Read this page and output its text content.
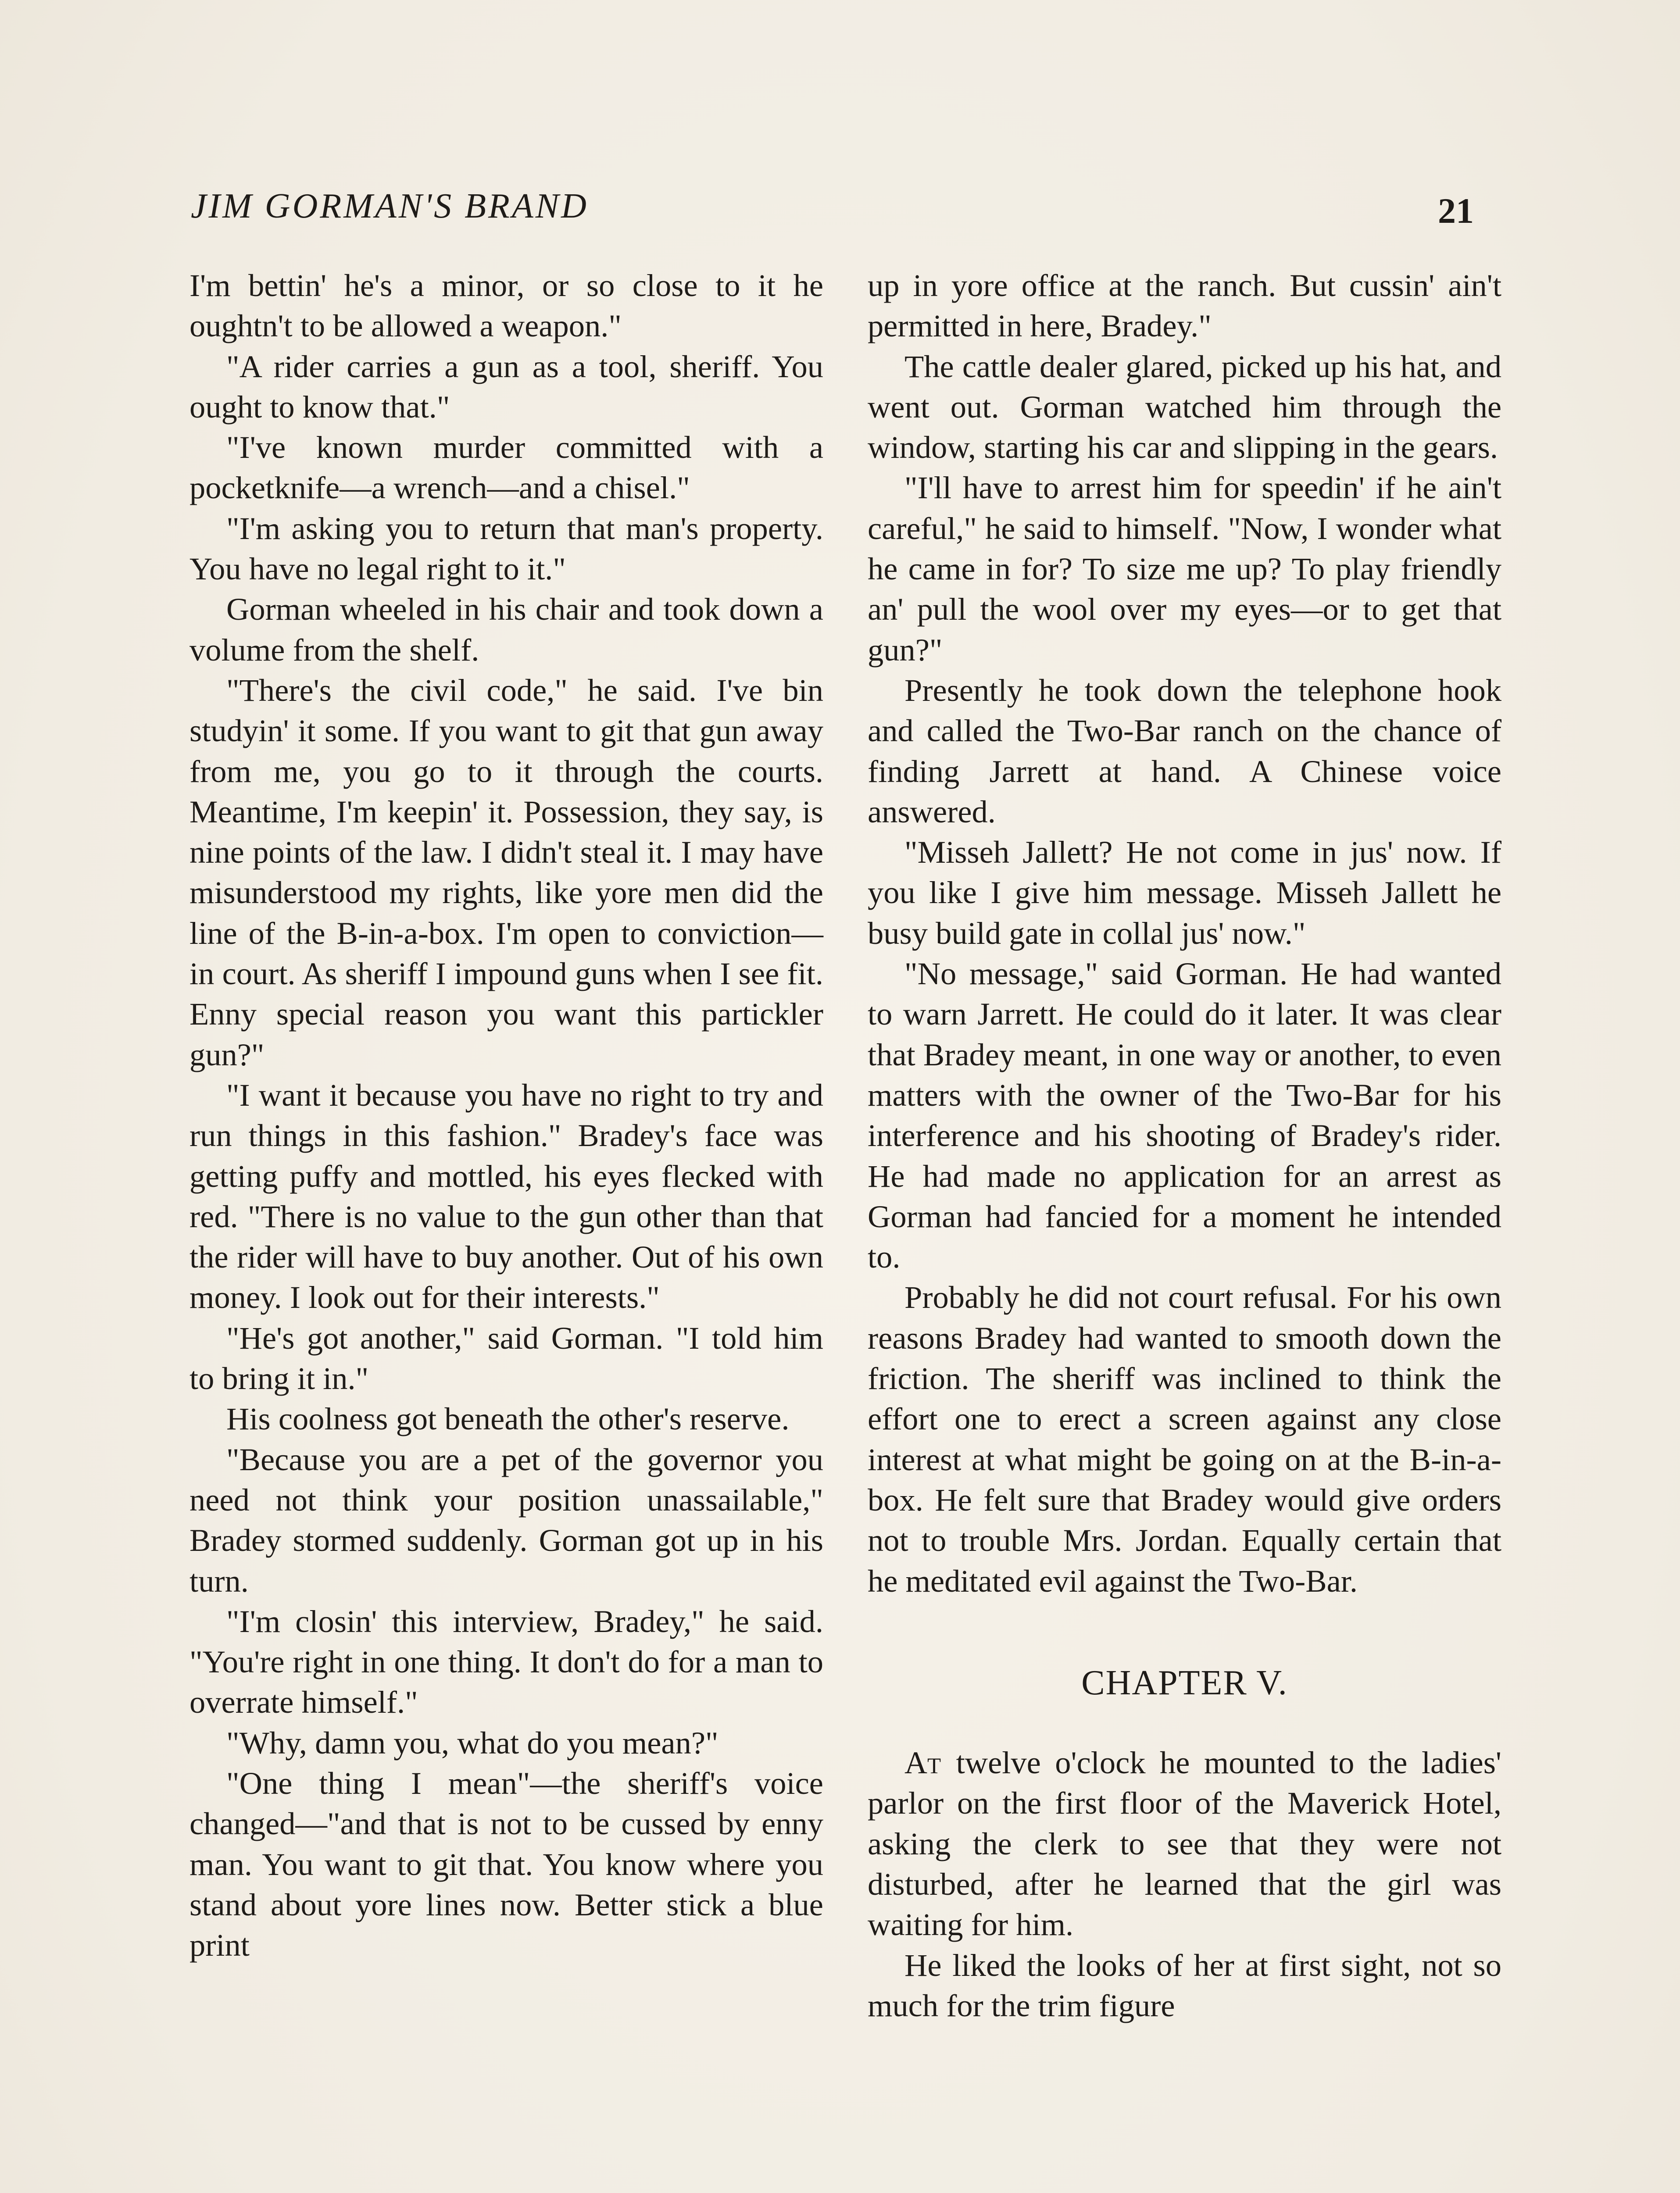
JIM GORMAN'S BRAND	21

I'm bettin' he's a minor, or so close to it he oughtn't to be allowed a weapon."

"A rider carries a gun as a tool, sheriff. You ought to know that."

"I've known murder committed with a pocketknife—a wrench—and a chisel."

"I'm asking you to return that man's property. You have no legal right to it."

Gorman wheeled in his chair and took down a volume from the shelf.

"There's the civil code," he said. I've bin studyin' it some. If you want to git that gun away from me, you go to it through the courts. Meantime, I'm keepin' it. Possession, they say, is nine points of the law. I didn't steal it. I may have misunderstood my rights, like yore men did the line of the B-in-a-box. I'm open to conviction—in court. As sheriff I impound guns when I see fit. Enny special reason you want this partickler gun?"

"I want it because you have no right to try and run things in this fashion." Bradey's face was getting puffy and mottled, his eyes flecked with red. "There is no value to the gun other than that the rider will have to buy another. Out of his own money. I look out for their interests."

"He's got another," said Gorman. "I told him to bring it in."

His coolness got beneath the other's reserve.

"Because you are a pet of the governor you need not think your position unassailable," Bradey stormed suddenly. Gorman got up in his turn.

"I'm closin' this interview, Bradey," he said. "You're right in one thing. It don't do for a man to overrate himself."

"Why, damn you, what do you mean?"

"One thing I mean"—the sheriff's voice changed—"and that is not to be cussed by enny man. You want to git that. You know where you stand about yore lines now. Better stick a blue print

up in yore office at the ranch. But cussin' ain't permitted in here, Bradey."

The cattle dealer glared, picked up his hat, and went out. Gorman watched him through the window, starting his car and slipping in the gears.

"I'll have to arrest him for speedin' if he ain't careful," he said to himself. "Now, I wonder what he came in for? To size me up? To play friendly an' pull the wool over my eyes—or to get that gun?"

Presently he took down the telephone hook and called the Two-Bar ranch on the chance of finding Jarrett at hand. A Chinese voice answered.

"Misseh Jallett? He not come in jus' now. If you like I give him message. Misseh Jallett he busy build gate in collal jus' now."

"No message," said Gorman. He had wanted to warn Jarrett. He could do it later. It was clear that Bradey meant, in one way or another, to even matters with the owner of the Two-Bar for his interference and his shooting of Bradey's rider. He had made no application for an arrest as Gorman had fancied for a moment he intended to.

Probably he did not court refusal. For his own reasons Bradey had wanted to smooth down the friction. The sheriff was inclined to think the effort one to erect a screen against any close interest at what might be going on at the B-in-a-box. He felt sure that Bradey would give orders not to trouble Mrs. Jordan. Equally certain that he meditated evil against the Two-Bar.

CHAPTER V.

At twelve o'clock he mounted to the ladies' parlor on the first floor of the Maverick Hotel, asking the clerk to see that they were not disturbed, after he learned that the girl was waiting for him.

He liked the looks of her at first sight, not so much for the trim figure
